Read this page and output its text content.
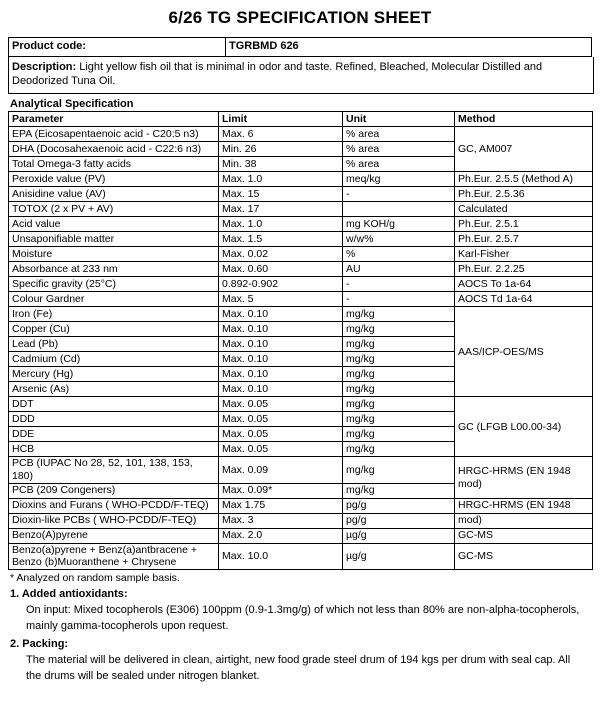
6/26 TG SPECIFICATION SHEET
Product code:	TGRBMD 626
Description: Light yellow fish oil that is minimal in odor and taste. Refined, Bleached, Molecular Distilled and Deodorized Tuna Oil.
Analytical Specification
Parameter	Limit	Unit	Method
EPA (Eicosapentaenoic acid - C20:5 n3)	Max. 6	% area	GC, AM007
DHA (Docosahexaenoic acid - C22:6 n3)	Min. 26	% area	
Total Omega-3 fatty acids	Min. 38	% area	
Peroxide value (PV)	Max. 1.0	meq/kg	Ph.Eur. 2.5.5 (Method A)
Anisidine value (AV)	Max. 15	-	Ph.Eur. 2.5.36
TOTOX (2 x PV + AV)	Max. 17		Calculated
Acid value	Max. 1.0	mg KOH/g	Ph.Eur. 2.5.1
Unsaponifiable matter	Max. 1.5	w/w%	Ph.Eur. 2.5.7
Moisture	Max. 0.02	%	Karl-Fisher
Absorbance at 233 nm	Max. 0.60	AU	Ph.Eur. 2.2.25
Specific gravity (25°C)	0.892-0.902	-	AOCS To 1a-64
Colour Gardner	Max. 5	-	AOCS Td 1a-64
Iron (Fe)	Max. 0.10	mg/kg	AAS/ICP-OES/MS
Copper (Cu)	Max. 0.10	mg/kg	
Lead (Pb)	Max. 0.10	mg/kg	
Cadmium (Cd)	Max. 0.10	mg/kg	
Mercury (Hg)	Max. 0.10	mg/kg	
Arsenic (As)	Max. 0.10	mg/kg	
DDT	Max. 0.05	mg/kg	GC (LFGB L00.00-34)
DDD	Max. 0.05	mg/kg	
DDE	Max. 0.05	mg/kg	
HCB	Max. 0.05	mg/kg	
PCB (IUPAC No 28, 52, 101, 138, 153, 180)	Max. 0.09	mg/kg	HRGC-HRMS (EN 1948 mod)
PCB (209 Congeners)	Max. 0.09*	mg/kg	
Dioxins and Furans ( WHO-PCDD/F-TEQ)	Max 1.75	pg/g	HRGC-HRMS (EN 1948
Dioxin-like PCBs ( WHO-PCDD/F-TEQ)	Max. 3	pg/g	mod)
Benzo(A)pyrene	Max. 2.0	µg/g	GC-MS
Benzo(a)pyrene + Benz(a)antbracene + Benzo (b)Muoranthene + Chrysene	Max. 10.0	µg/g	GC-MS
* Analyzed on random sample basis.
1. Added antioxidants:
On input: Mixed tocopherols (E306) 100ppm (0.9-1.3mg/g) of which not less than 80% are non-alpha-tocopherols, mainly gamma-tocopherols upon request.
2. Packing:
The material will be delivered in clean, airtight, new food grade steel drum of 194 kgs per drum with seal cap. All the drums will be sealed under nitrogen blanket.
